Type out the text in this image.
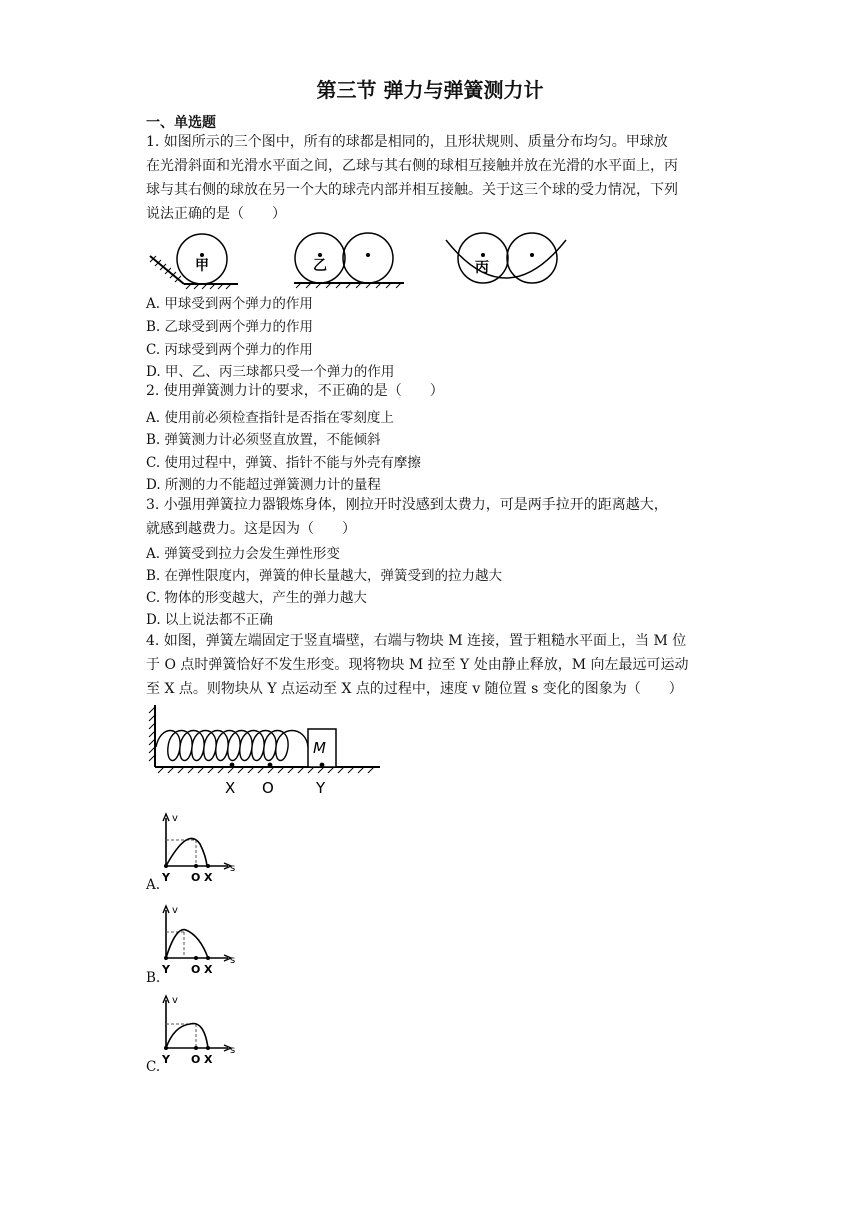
第三节 弹力与弹簧测力计
一、单选题
1. 如图所示的三个图中，所有的球都是相同的，且形状规则、质量分布均匀。甲球放
在光滑斜面和光滑水平面之间，乙球与其右侧的球相互接触并放在光滑的水平面上，丙
球与其右侧的球放在另一个大的球壳内部并相互接触。关于这三个球的受力情况，下列
说法正确的是（　　）
甲	乙	丙
A. 甲球受到两个弹力的作用
B. 乙球受到两个弹力的作用
C. 丙球受到两个弹力的作用
D. 甲、乙、丙三球都只受一个弹力的作用
2. 使用弹簧测力计的要求，不正确的是（　　）
A. 使用前必须检查指针是否指在零刻度上
B. 弹簧测力计必须竖直放置，不能倾斜
C. 使用过程中，弹簧、指针不能与外壳有摩擦
D. 所测的力不能超过弹簧测力计的量程
3. 小强用弹簧拉力器锻炼身体，刚拉开时没感到太费力，可是两手拉开的距离越大，
就感到越费力。这是因为（　　）
A. 弹簧受到拉力会发生弹性形变
B. 在弹性限度内，弹簧的伸长量越大，弹簧受到的拉力越大
C. 物体的形变越大，产生的弹力越大
D. 以上说法都不正确
4. 如图，弹簧左端固定于竖直墙壁，右端与物块 M 连接，置于粗糙水平面上，当 M 位
于 O 点时弹簧恰好不发生形变。现将物块 M 拉至 Y 处由静止释放，M 向左最远可运动
至 X 点。则物块从 Y 点运动至 X 点的过程中，速度 v 随位置 s 变化的图象为（　　）
M
X O	Y
A.
v
s
Y O X
B.
v
s
Y O X
C.
v
s
Y O X
